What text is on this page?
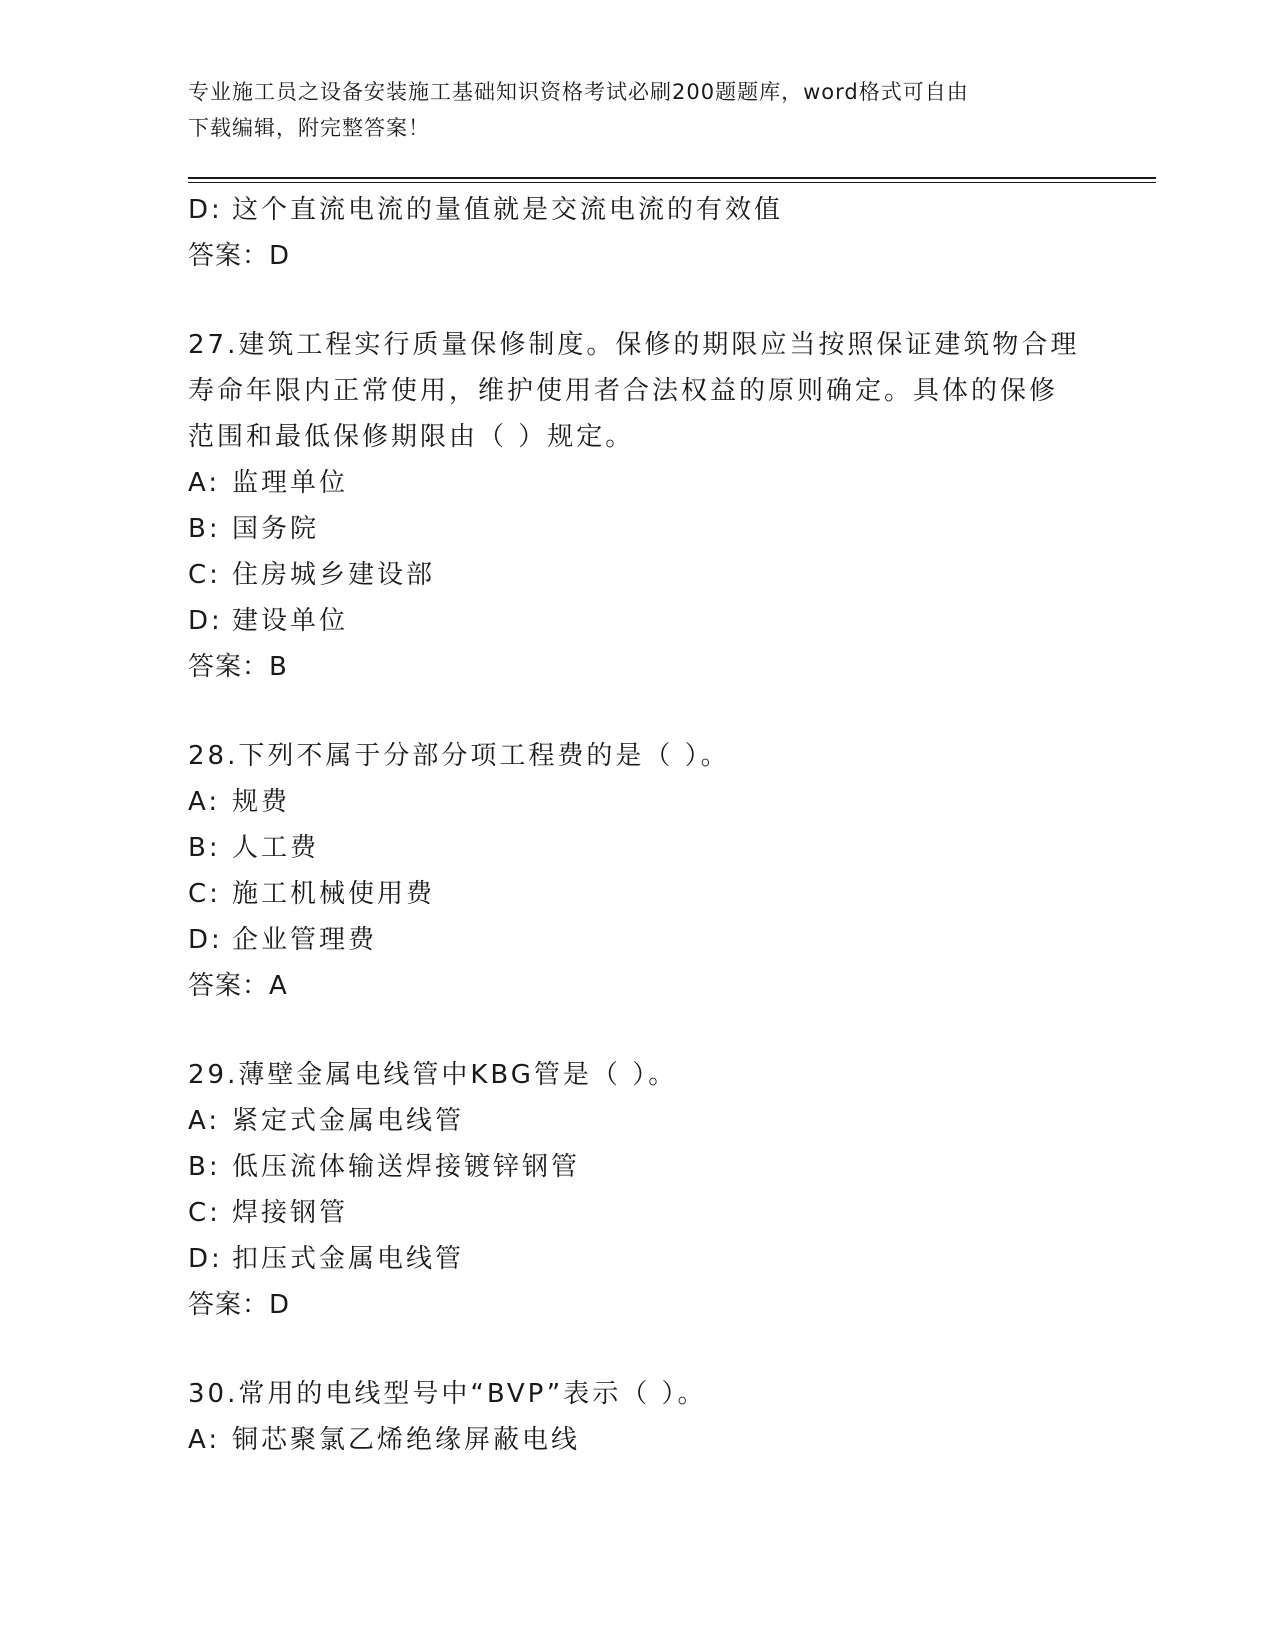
专业施工员之设备安装施工基础知识资格考试必刷200题题库，word格式可自由
下载编辑，附完整答案！
D: 这个直流电流的量值就是交流电流的有效值
答案：D
27.建筑工程实行质量保修制度。保修的期限应当按照保证建筑物合理
寿命年限内正常使用，维护使用者合法权益的原则确定。具体的保修
范围和最低保修期限由（ ）规定。
A: 监理单位
B: 国务院
C: 住房城乡建设部
D: 建设单位
答案：B
28.下列不属于分部分项工程费的是（ ）。
A: 规费
B: 人工费
C: 施工机械使用费
D: 企业管理费
答案：A
29.薄壁金属电线管中KBG管是（ ）。
A: 紧定式金属电线管
B: 低压流体输送焊接镀锌钢管
C: 焊接钢管
D: 扣压式金属电线管
答案：D
30.常用的电线型号中“BVP”表示（ ）。
A: 铜芯聚氯乙烯绝缘屏蔽电线
